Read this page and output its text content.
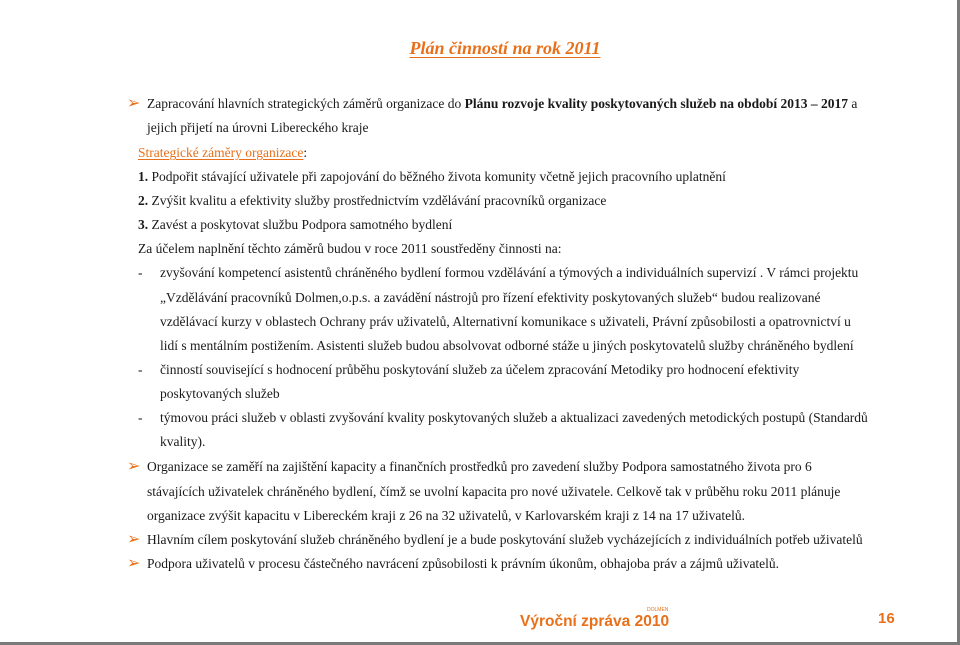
Plán činností na rok 2011
➢ Zapracování hlavních strategických záměrů organizace do Plánu rozvoje kvality poskytovaných služeb na období 2013 – 2017 a
jejich přijetí na úrovni Libereckého kraje
Strategické záměry organizace:
1. Podpořit stávající uživatele při zapojování do běžného života komunity včetně jejich pracovního uplatnění
2. Zvýšit kvalitu a efektivity služby prostřednictvím vzdělávání pracovníků organizace
3. Zavést a poskytovat službu Podpora samotného bydlení
Za účelem naplnění těchto záměrů budou v roce 2011 soustředěny činnosti na:
- zvyšování kompetencí asistentů chráněného bydlení formou vzdělávání a týmových a individuálních supervizí . V rámci projektu
„Vzdělávání pracovníků Dolmen,o.p.s. a zavádění nástrojů pro řízení efektivity poskytovaných služeb“ budou realizované
vzdělávací kurzy v oblastech Ochrany práv uživatelů, Alternativní komunikace s uživateli, Právní způsobilosti a opatrovnictví u
lidí s mentálním postižením. Asistenti služeb budou absolvovat odborné stáže u jiných poskytovatelů služby chráněného bydlení
- činností související s hodnocení průběhu poskytování služeb za účelem zpracování Metodiky pro hodnocení efektivity
poskytovaných služeb
- týmovou práci služeb v oblasti zvyšování kvality poskytovaných služeb a aktualizaci zavedených metodických postupů (Standardů
kvality).
➢ Organizace se zaměří na zajištění kapacity a finančních prostředků pro zavedení služby Podpora samostatného života pro 6
stávajících uživatelek chráněného bydlení, čímž se uvolní kapacita pro nové uživatele. Celkově tak v průběhu roku 2011 plánuje
organizace zvýšit kapacitu v Libereckém kraji z 26 na 32 uživatelů, v Karlovarském kraji z 14 na 17 uživatelů.
➢ Hlavním cílem poskytování služeb chráněného bydlení je a bude poskytování služeb vycházejících z individuálních potřeb uživatelů
➢ Podpora uživatelů v procesu částečného navrácení způsobilosti k právním úkonům, obhajoba práv a zájmů uživatelů.
Výroční zpráva 2010
DOLMEN	16
